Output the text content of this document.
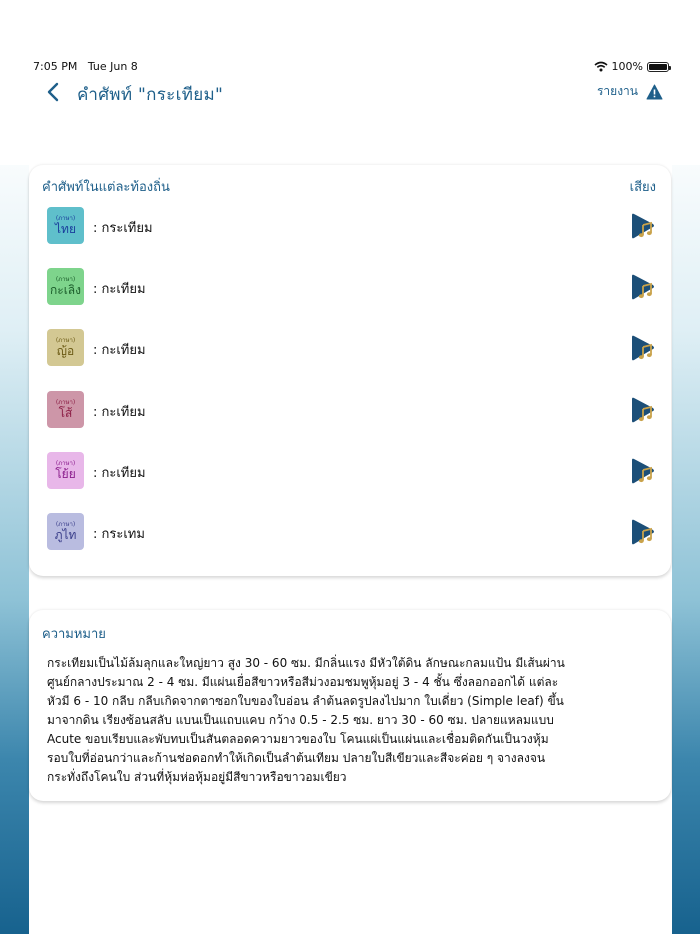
7:05 PM Tue Jun 8	100%
คำศัพท์ "กระเทียม"	รายงาน
คำศัพท์ในแต่ละท้องถิ่น	เสียง
(ภาษา)
ไทย : กระเทียม
(ภาษา)
กะเลิง : กะเทียม
(ภาษา)
ญ้อ : กะเทียม
(ภาษา)
โส้ : กะเทียม
(ภาษา)
โย้ย : กะเทียม
(ภาษา)
ภูไท : กระเทม
ความหมาย
กระเทียมเป็นไม้ล้มลุกและใหญ่ยาว สูง 30 - 60 ซม. มีกลิ่นแรง มีหัวใต้ดิน ลักษณะกลมแป้น มีเส้นผ่านศูนย์กลางประมาณ 2 - 4 ซม. มีแผ่นเยื่อสีขาวหรือสีม่วงอมชมพูหุ้มอยู่ 3 - 4 ชั้น ซึ่งลอกออกได้ แต่ละหัวมี 6 - 10 กลีบ กลีบเกิดจากตาซอกใบของใบอ่อน ลำต้นลดรูปลงไปมาก ใบเดี่ยว (Simple leaf) ขึ้นมาจากดิน เรียงซ้อนสลับ แบนเป็นแถบแคบ กว้าง 0.5 - 2.5 ซม. ยาว 30 - 60 ซม. ปลายแหลมแบบ Acute ขอบเรียบและพับทบเป็นสันตลอดความยาวของใบ โคนแผ่เป็นแผ่นและเชื่อมติดกันเป็นวงหุ้มรอบใบที่อ่อนกว่าและก้านช่อดอกทำให้เกิดเป็นลำต้นเทียม ปลายใบสีเขียวและสีจะค่อย ๆ จางลงจนกระทั่งถึงโคนใบ ส่วนที่หุ้มห่อหุ้มอยู่มีสีขาวหรือขาวอมเขียว
